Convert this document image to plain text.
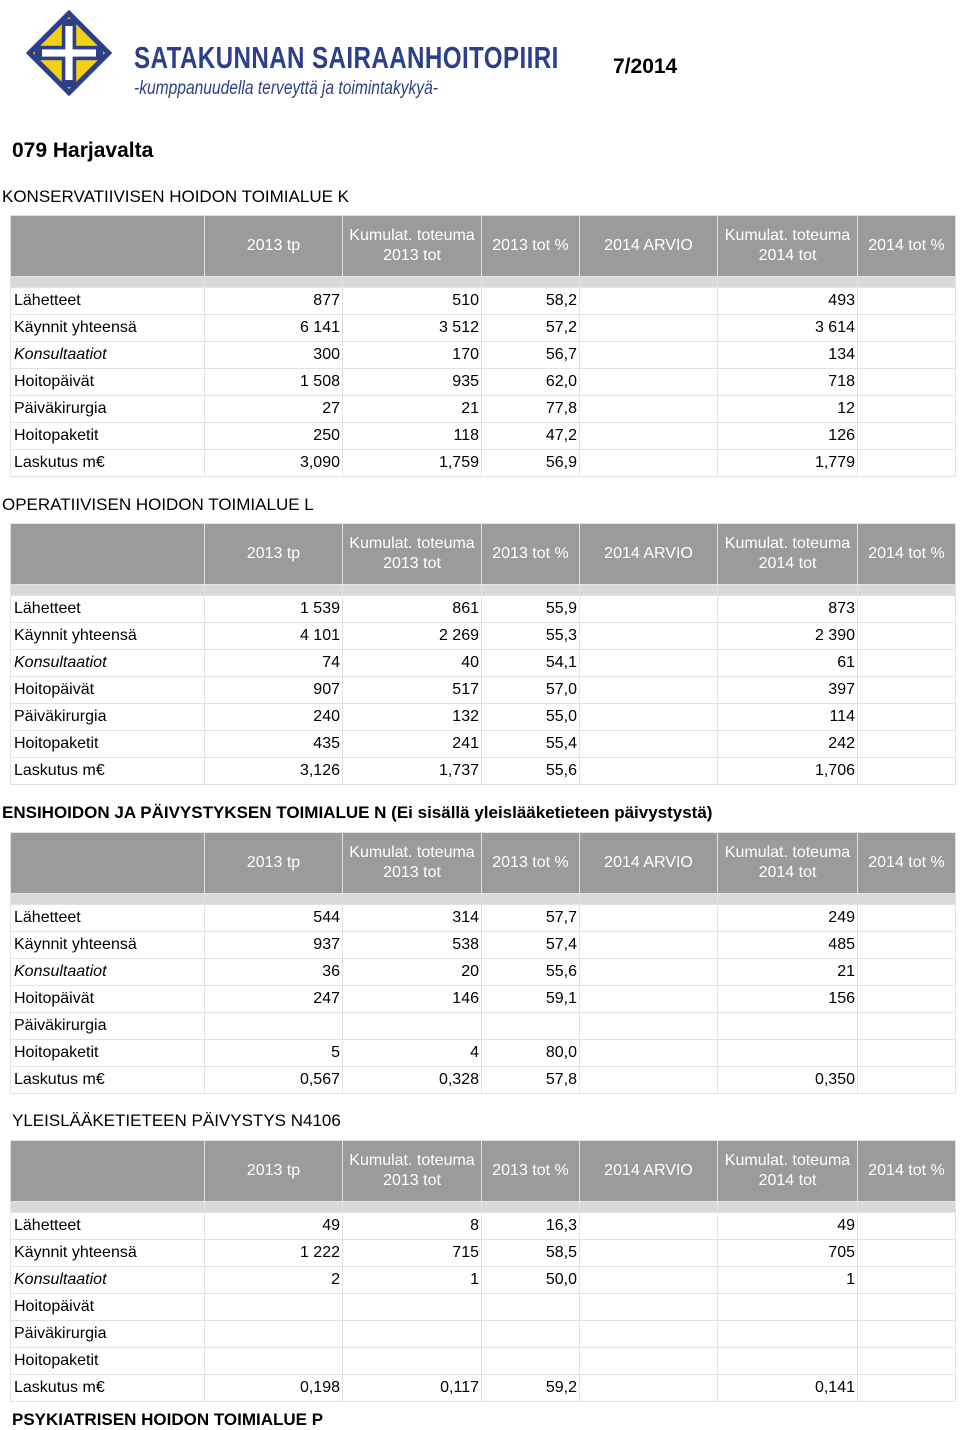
SATAKUNNAN SAIRAANHOITOPIIRI
-kumppanuudella terveyttä ja toimintakykyä-
7/2014
079 Harjavalta
KONSERVATIIVISEN HOIDON TOIMIALUE K
	2013 tp	Kumulat. toteuma 2013 tot	2013 tot %	2014 ARVIO	Kumulat. toteuma 2014 tot	2014 tot %

Lähetteet	877	510	58,2		493	
Käynnit yhteensä	6 141	3 512	57,2		3 614	
Konsultaatiot	300	170	56,7		134	
Hoitopäivät	1 508	935	62,0		718	
Päiväkirurgia	27	21	77,8		12	
Hoitopaketit	250	118	47,2		126	
Laskutus m€	3,090	1,759	56,9		1,779	
OPERATIIVISEN HOIDON TOIMIALUE L
	2013 tp	Kumulat. toteuma 2013 tot	2013 tot %	2014 ARVIO	Kumulat. toteuma 2014 tot	2014 tot %

Lähetteet	1 539	861	55,9		873	
Käynnit yhteensä	4 101	2 269	55,3		2 390	
Konsultaatiot	74	40	54,1		61	
Hoitopäivät	907	517	57,0		397	
Päiväkirurgia	240	132	55,0		114	
Hoitopaketit	435	241	55,4		242	
Laskutus m€	3,126	1,737	55,6		1,706	
ENSIHOIDON JA PÄIVYSTYKSEN TOIMIALUE N (Ei sisällä yleislääketieteen päivystystä)
	2013 tp	Kumulat. toteuma 2013 tot	2013 tot %	2014 ARVIO	Kumulat. toteuma 2014 tot	2014 tot %

Lähetteet	544	314	57,7		249	
Käynnit yhteensä	937	538	57,4		485	
Konsultaatiot	36	20	55,6		21	
Hoitopäivät	247	146	59,1		156	
Päiväkirurgia						
Hoitopaketit	5	4	80,0			
Laskutus m€	0,567	0,328	57,8		0,350	
YLEISLÄÄKETIETEEN PÄIVYSTYS N4106
	2013 tp	Kumulat. toteuma 2013 tot	2013 tot %	2014 ARVIO	Kumulat. toteuma 2014 tot	2014 tot %

Lähetteet	49	8	16,3		49	
Käynnit yhteensä	1 222	715	58,5		705	
Konsultaatiot	2	1	50,0		1	
Hoitopäivät						
Päiväkirurgia						
Hoitopaketit						
Laskutus m€	0,198	0,117	59,2		0,141	
PSYKIATRISEN HOIDON TOIMIALUE P
